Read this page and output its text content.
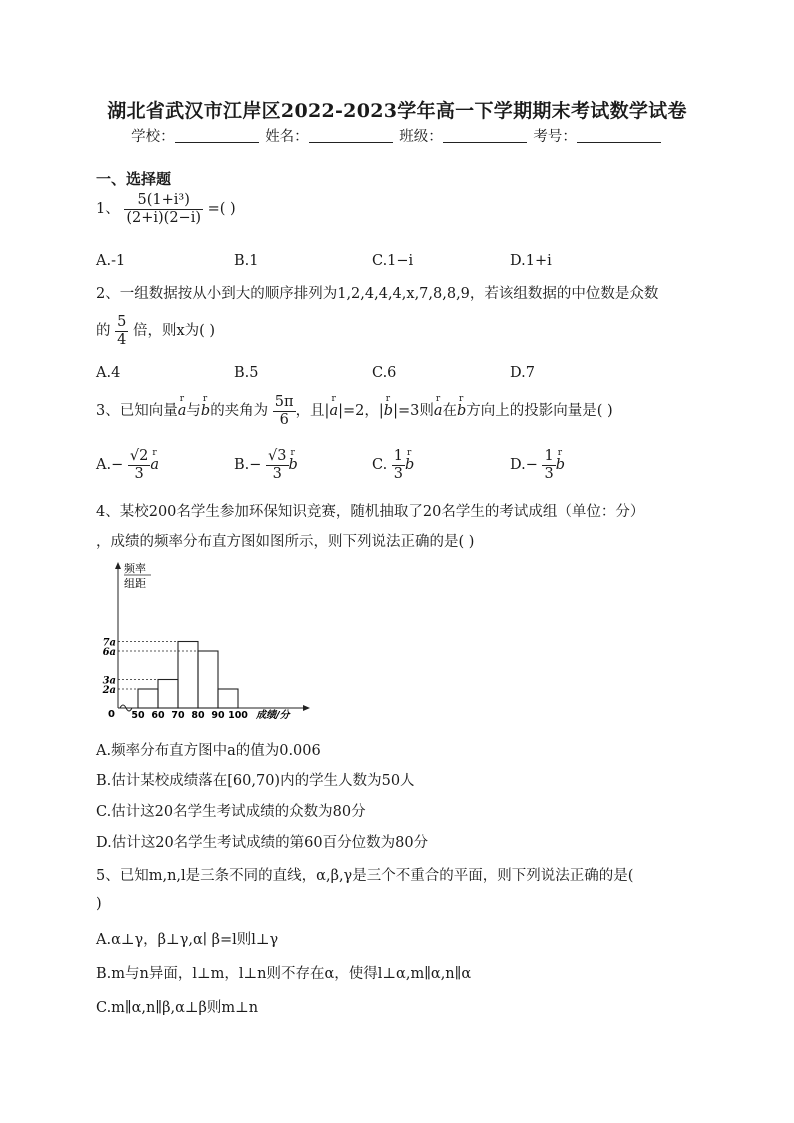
湖北省武汉市江岸区2022-2023学年高一下学期期末考试数学试卷
学校：	姓名：	班级：	考号：
一、选择题
1、 $\frac{\text{5(1+i³)}}{(2+i)(2-i)}$ =( )
A.-1	B.1	C.1−i	D.1+i
2、一组数据按从小到大的顺序排列为1,2,4,4,4,x,7,8,8,9，若该组数据的中位数是众数
的 $\frac{5}{4}$ 倍，则x为( )
A.4	B.5	C.6	D.7
3、已知向量r a与r b的夹角为 $\frac{5\pi}{6}$ ，且|r a|=2，|r b|=3则r a在r b方向上的投影向量是( )
$A.- \frac{√2}{3}$ r a	$B.- \frac{√3}{3}$ r b	C. $\frac{1}{3}$ r b	$D.- \frac{1}{3}$ r b
4、某校200名学生参加环保知识竞赛，随机抽取了20名学生的考试成组（单位：分）
，成绩的频率分布直方图如图所示，则下列说法正确的是( )
频率
组距
0	成绩/分
7a
6a
3a
2a
50 60 70 80 90 100
A.频率分布直方图中a的值为0.006
B.估计某校成绩落在[60,70)内的学生人数为50人
C.估计这20名学生考试成绩的众数为80分
D.估计这20名学生考试成绩的第60百分位数为80分
5、已知m,n,l是三条不同的直线，α,β,γ是三个不重合的平面，则下列说法正确的是(
)
A.α⊥γ，β⊥γ,α∣ β=l则l⊥γ
B.m与n异面，l⊥m，l⊥n则不存在α，使得l⊥α,m∥α,n∥α
C.m∥α,n∥β,α⊥β则m⊥n
